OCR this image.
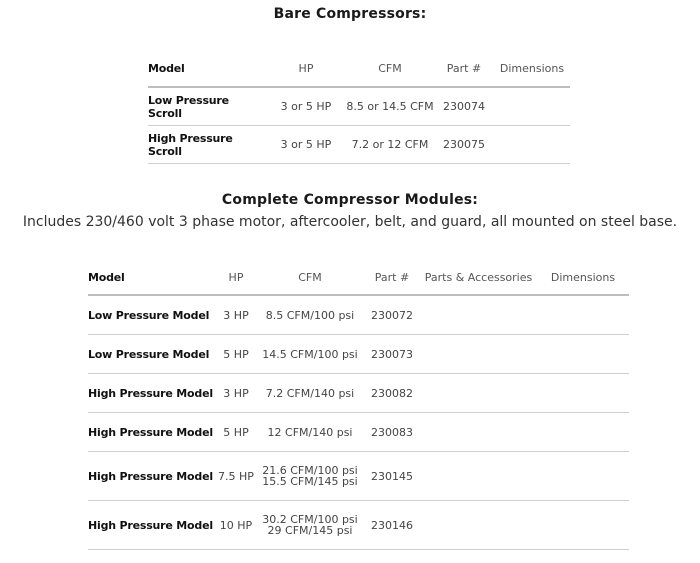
Bare Compressors:
Model	HP	CFM	Part #	Dimensions
Low Pressure Scroll	3 or 5 HP	8.5 or 14.5 CFM	230074	
High Pressure Scroll	3 or 5 HP	7.2 or 12 CFM	230075	
Complete Compressor Modules:
Includes 230/460 volt 3 phase motor, aftercooler, belt, and guard, all mounted on steel base.
Model	HP	CFM	Part #	Parts & Accessories	Dimensions
Low Pressure Model	3 HP	8.5 CFM/100 psi	230072		
Low Pressure Model	5 HP	14.5 CFM/100 psi	230073		
High Pressure Model	3 HP	7.2 CFM/140 psi	230082		
High Pressure Model	5 HP	12 CFM/140 psi	230083		
High Pressure Model	7.5 HP	21.6 CFM/100 psi
15.5 CFM/145 psi	230145		
High Pressure Model	10 HP	30.2 CFM/100 psi
29 CFM/145 psi	230146		
